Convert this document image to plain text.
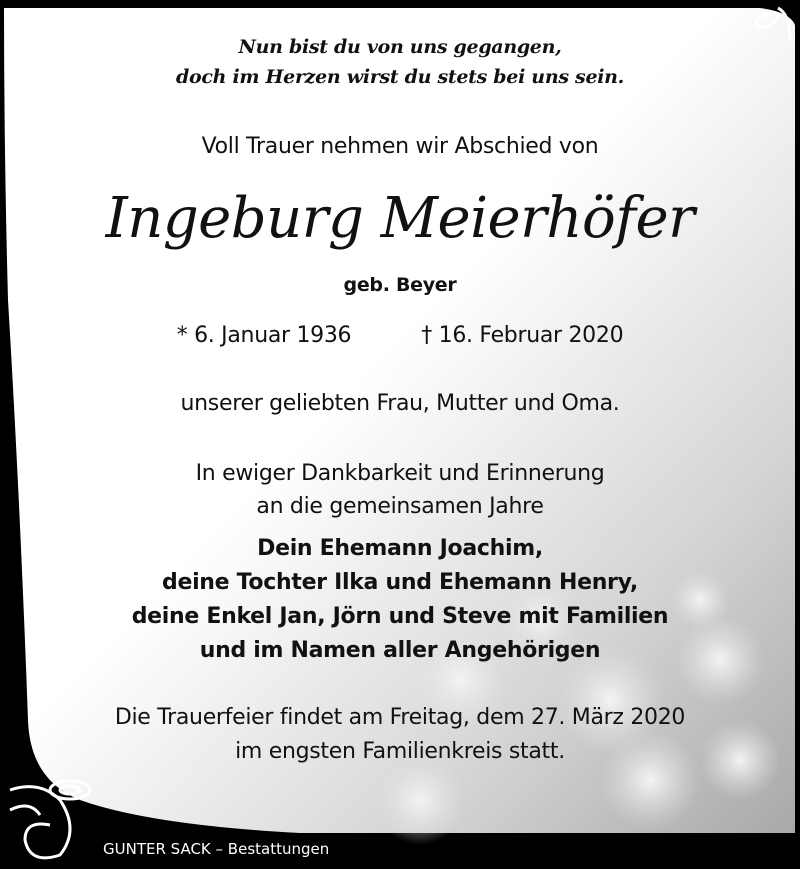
Nun bist du von uns gegangen,
doch im Herzen wirst du stets bei uns sein.
Voll Trauer nehmen wir Abschied von
Ingeburg Meierhöfer
geb. Beyer
* 6. Januar 1936	† 16. Februar 2020
unserer geliebten Frau, Mutter und Oma.
In ewiger Dankbarkeit und Erinnerung
an die gemeinsamen Jahre
Dein Ehemann Joachim,
deine Tochter Ilka und Ehemann Henry,
deine Enkel Jan, Jörn und Steve mit Familien
und im Namen aller Angehörigen
Die Trauerfeier findet am Freitag, dem 27. März 2020
im engsten Familienkreis statt.
GUNTER SACK – Bestattungen
